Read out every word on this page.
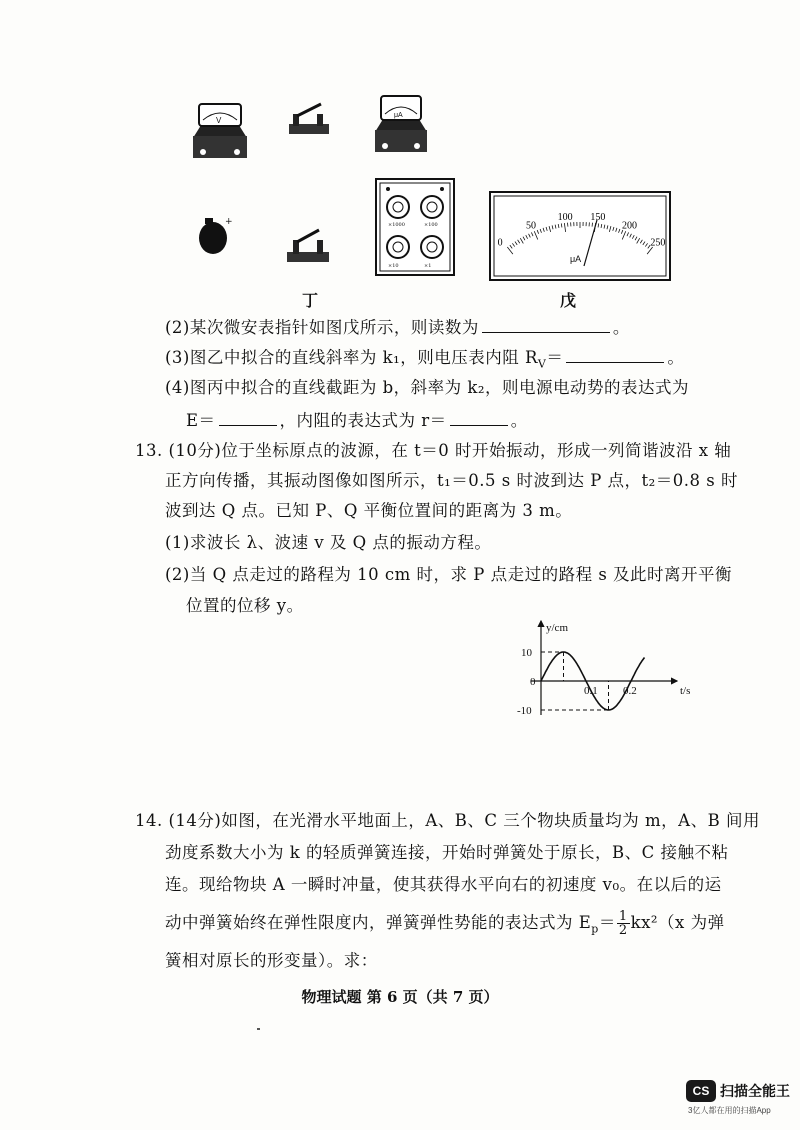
V
μA
+
×10	×1
×1000	×100
μA
0
50
100 150
200
250
丁	戊
(2)某次微安表指针如图戊所示，则读数为	。
(3)图乙中拟合的直线斜率为 k₁，则电压表内阻 $R_V=$	。
(4)图丙中拟合的直线截距为 b，斜率为 k₂，则电源电动势的表达式为
E＝	，内阻的表达式为 r＝	。
13. (10分)位于坐标原点的波源，在 t＝0 时开始振动，形成一列简谐波沿 x 轴
正方向传播，其振动图像如图所示，t₁＝0.5 s 时波到达 P 点，t₂＝0.8 s 时
波到达 Q 点。已知 P、Q 平衡位置间的距离为 3 m。
(1)求波长 λ、波速 v 及 Q 点的振动方程。
(2)当 Q 点走过的路程为 10 cm 时，求 P 点走过的路程 s 及此时离开平衡
位置的位移 y。
y/cm
t/s
0
10
-10
0.1 0.2
14. (14分)如图，在光滑水平地面上，A、B、C 三个物块质量均为 m，A、B 间用
劲度系数大小为 k 的轻质弹簧连接，开始时弹簧处于原长，B、C 接触不粘
连。现给物块 A 一瞬时冲量，使其获得水平向右的初速度 v₀。在以后的运
动中弹簧始终在弹性限度内，弹簧弹性势能的表达式为 $E_p= \frac{1}{2} kx^2(x$ 为弹
簧相对原长的形变量）。求：
物理试题 第 6 页（共 7 页）
CS 扫描全能王
3亿人都在用的扫描App
